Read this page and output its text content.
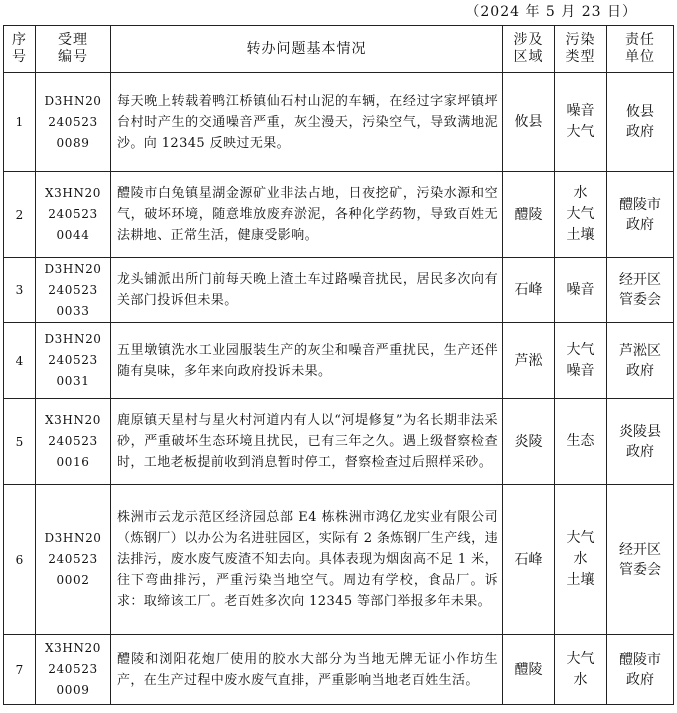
（2024 年 5 月 23 日）
序
号	受理
编号	转办问题基本情况	涉及
区域	污染
类型	责任
单位

1	D3HN20
240523
0089	每天晚上转载着鸭江桥镇仙石村山泥的车辆，在经过字家坪镇坪台村时产生的交通噪音严重，灰尘漫天，污染空气，导致满地泥沙。向 12345 反映过无果。	攸县	噪音
大气	攸县
政府

2	X3HN20
240523
0044	醴陵市白兔镇星湖金源矿业非法占地，日夜挖矿，污染水源和空气，破坏环境，随意堆放废弃淤泥，各种化学药物，导致百姓无法耕地、正常生活，健康受影响。	醴陵	水
大气
土壤	醴陵市
政府

3	D3HN20
240523
0033	龙头铺派出所门前每天晚上渣土车过路噪音扰民，居民多次向有关部门投诉但未果。	石峰	噪音	经开区
管委会

4	D3HN20
240523
0031	五里墩镇洗水工业园服装生产的灰尘和噪音严重扰民，生产还伴随有臭味，多年来向政府投诉未果。	芦淞	大气
噪音	芦淞区
政府

5	X3HN20
240523
0016	鹿原镇天星村与星火村河道内有人以“河堤修复”为名长期非法采砂，严重破坏生态环境且扰民，已有三年之久。遇上级督察检查时，工地老板提前收到消息暂时停工，督察检查过后照样采砂。	炎陵	生态	炎陵县
政府

6	D3HN20
240523
0002	株洲市云龙示范区经济园总部 E4 栋株洲市鸿亿龙实业有限公司（炼钢厂）以办公为名进驻园区，实际有 2 条炼钢厂生产线，违法排污，废水废气废渣不知去向。具体表现为烟囱高不足 1 米，往下弯曲排污，严重污染当地空气。周边有学校，食品厂。诉求：取缔该工厂。老百姓多次向 12345 等部门举报多年未果。	石峰	大气
水
土壤	经开区
管委会

7	X3HN20
240523
0009	醴陵和浏阳花炮厂使用的胶水大部分为当地无牌无证小作坊生产，在生产过程中废水废气直排，严重影响当地老百姓生活。	醴陵	大气
水	醴陵市
政府
